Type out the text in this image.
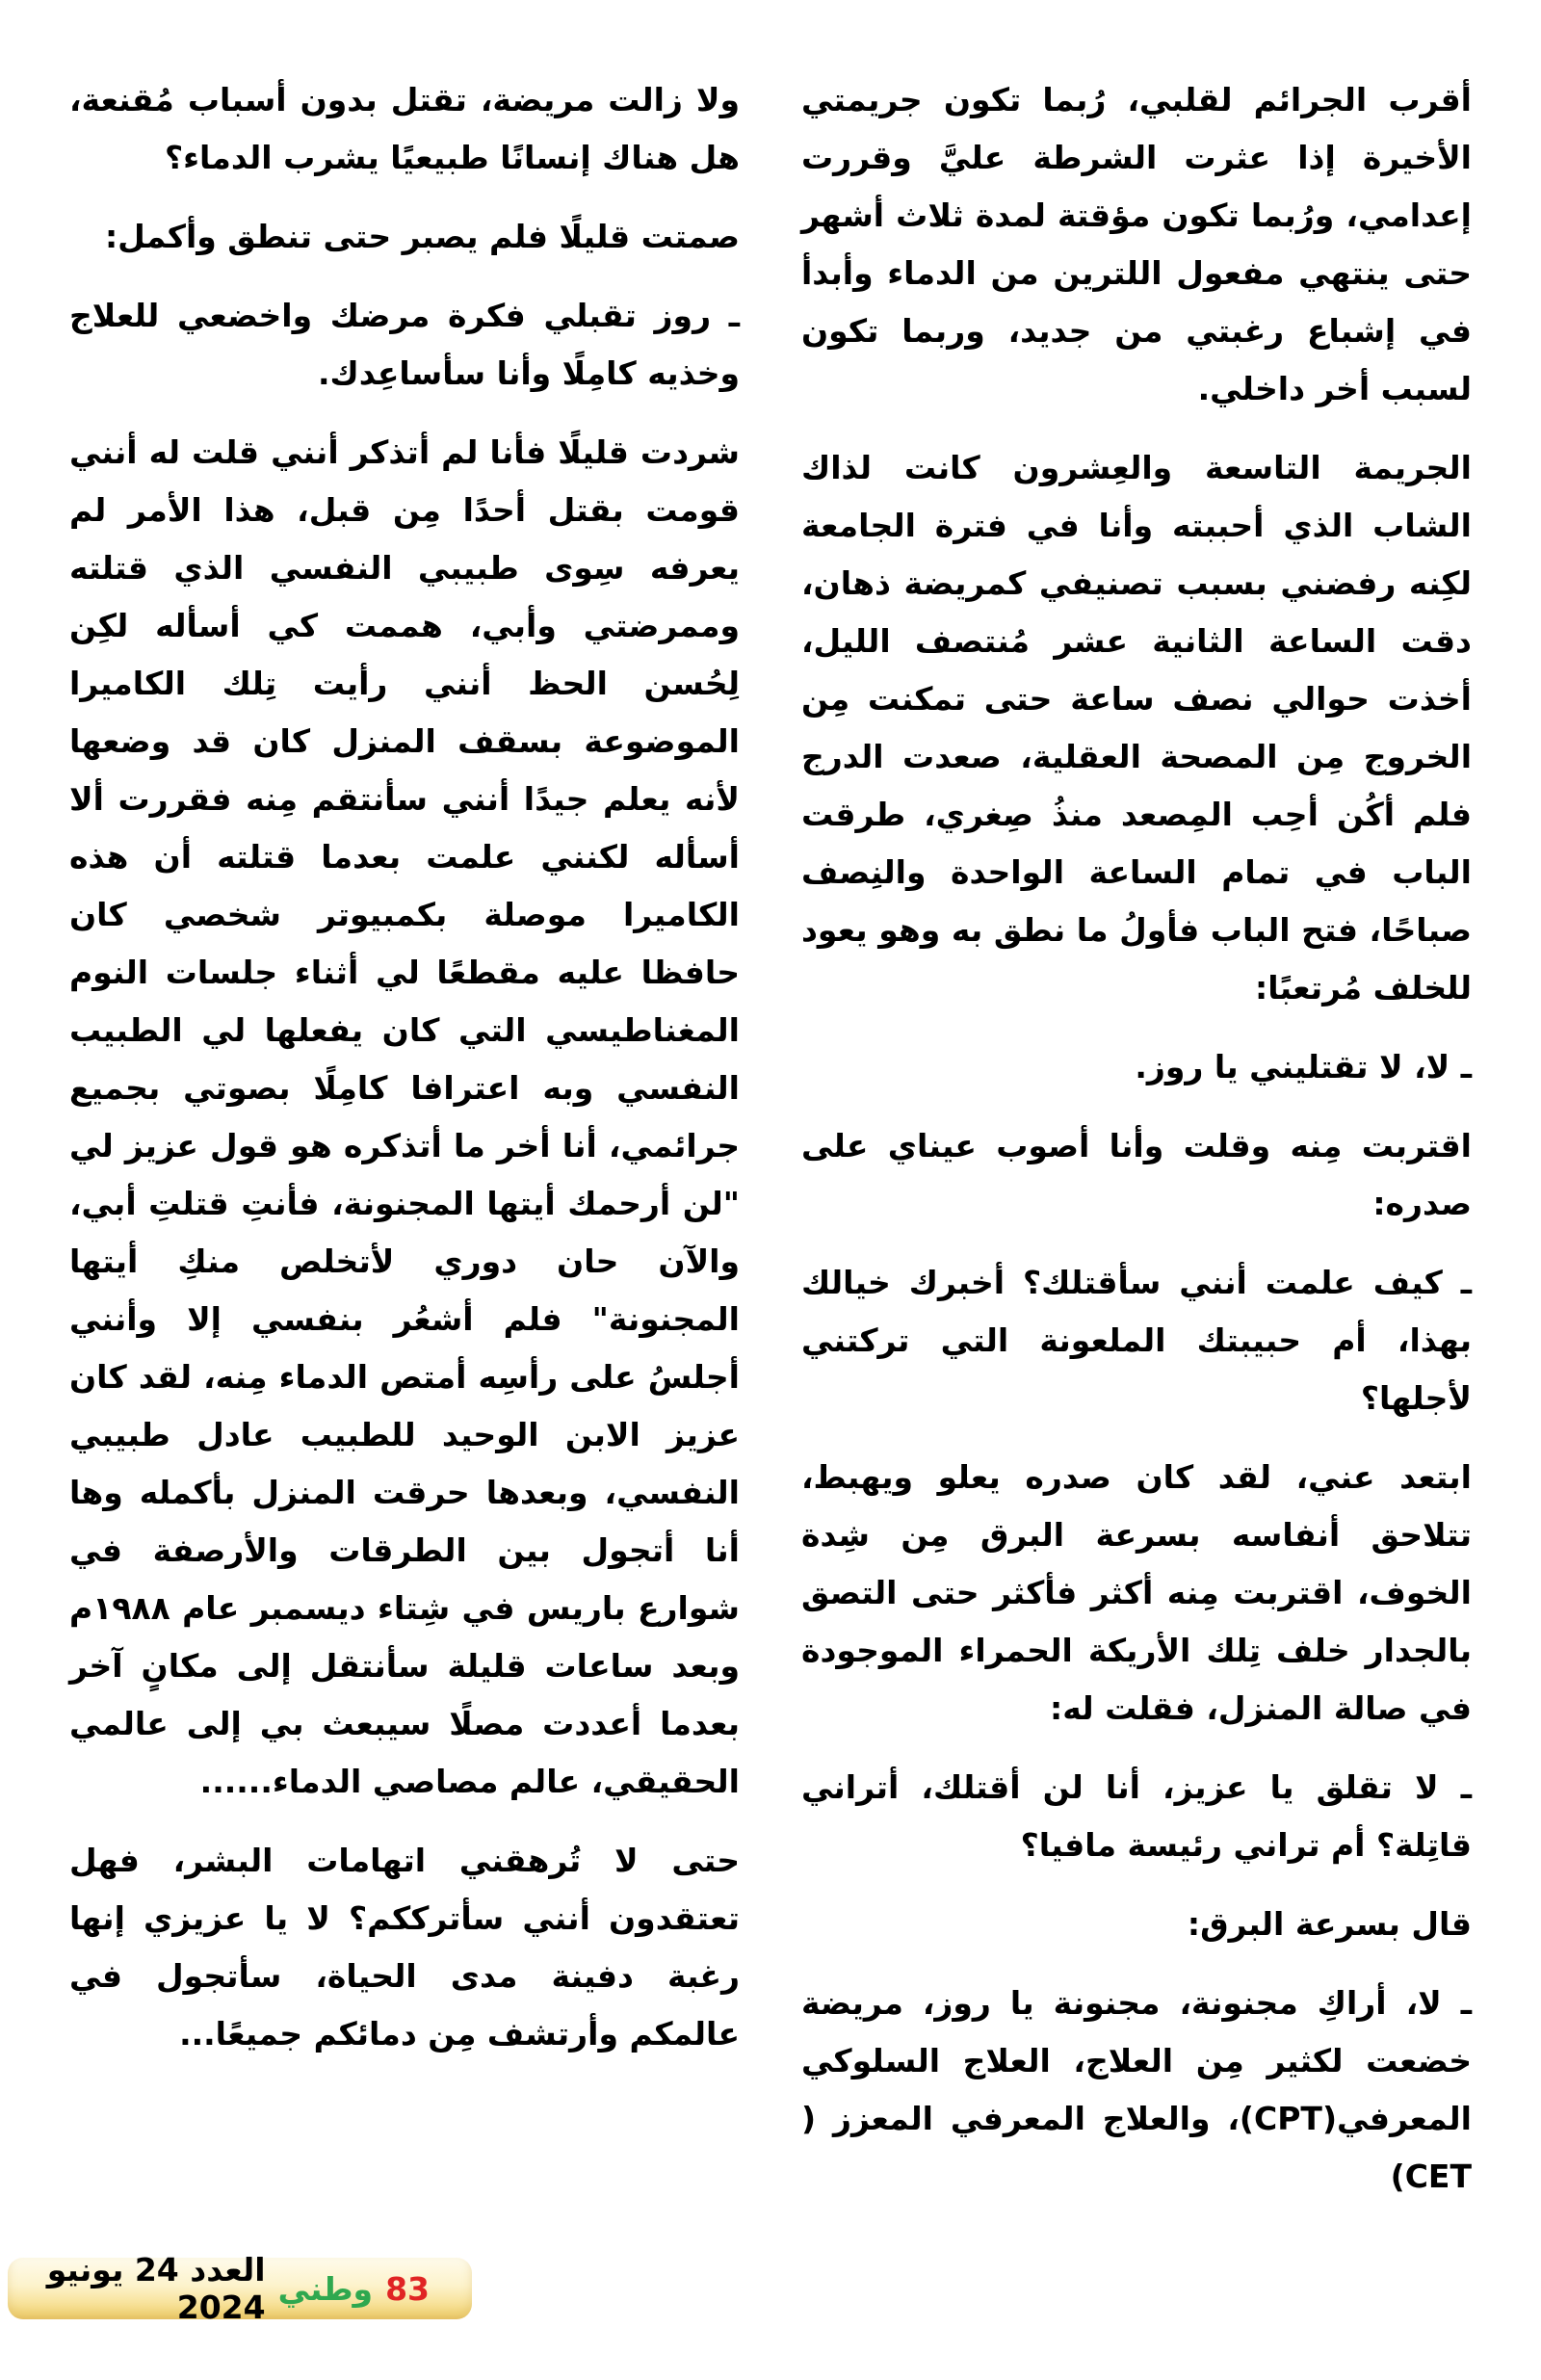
أقرب الجرائم لقلبي، رُبما تكون جريمتي الأخيرة إذا عثرت الشرطة عليَّ وقررت إعدامي، ورُبما تكون مؤقتة لمدة ثلاث أشهر حتى ينتهي مفعول اللترين من الدماء وأبدأ في إشباع رغبتي من جديد، وربما تكون لسبب أخر داخلي.

الجريمة التاسعة والعِشرون كانت لذاك الشاب الذي أحببته وأنا في فترة الجامعة لكِنه رفضني بسبب تصنيفي كمريضة ذهان، دقت الساعة الثانية عشر مُنتصف الليل، أخذت حوالي نصف ساعة حتى تمكنت مِن الخروج مِن المصحة العقلية، صعدت الدرج فلم أكُن أحِب المِصعد منذُ صِغري، طرقت الباب في تمام الساعة الواحدة والنِصف صباحًا، فتح الباب فأولُ ما نطق به وهو يعود للخلف مُرتعبًا:

ـ لا، لا تقتليني يا روز.

اقتربت مِنه وقلت وأنا أصوب عيناي على صدره:

ـ كيف علمت أنني سأقتلك؟ أخبرك خيالك بهذا، أم حبيبتك الملعونة التي تركتني لأجلها؟

ابتعد عني، لقد كان صدره يعلو ويهبط، تتلاحق أنفاسه بسرعة البرق مِن شِدة الخوف، اقتربت مِنه أكثر فأكثر حتى التصق بالجدار خلف تِلك الأريكة الحمراء الموجودة في صالة المنزل، فقلت له:

ـ لا تقلق يا عزيز، أنا لن أقتلك، أتراني قاتِلة؟ أم تراني رئيسة مافيا؟

قال بسرعة البرق:

ـ لا، أراكِ مجنونة، مجنونة يا روز، مريضة خضعت لكثير مِن العلاج، العلاج السلوكي المعرفي(CPT)، والعلاج المعرفي المعزز ( CET)

ولا زالت مريضة، تقتل بدون أسباب مُقنعة، هل هناك إنسانًا طبيعيًا يشرب الدماء؟

صمتت قليلًا فلم يصبر حتى تنطق وأكمل:

ـ روز تقبلي فكرة مرضك واخضعي للعلاج وخذيه كامِلًا وأنا سأساعِدك.

شردت قليلًا فأنا لم أتذكر أنني قلت له أنني قومت بقتل أحدًا مِن قبل، هذا الأمر لم يعرفه سِوى طبيبي النفسي الذي قتلته وممرضتي وأبي، هممت كي أسأله لكِن لِحُسن الحظ أنني رأيت تِلك الكاميرا الموضوعة بسقف المنزل كان قد وضعها لأنه يعلم جيدًا أنني سأنتقم مِنه فقررت ألا أسأله لكنني علمت بعدما قتلته أن هذه الكاميرا موصلة بكمبيوتر شخصي كان حافظا عليه مقطعًا لي أثناء جلسات النوم المغناطيسي التي كان يفعلها لي الطبيب النفسي وبه اعترافا كامِلًا بصوتي بجميع جرائمي، أنا أخر ما أتذكره هو قول عزيز لي "لن أرحمك أيتها المجنونة، فأنتِ قتلتِ أبي، والآن حان دوري لأتخلص منكِ أيتها المجنونة" فلم أشعُر بنفسي إلا وأنني أجلسُ على رأسِه أمتص الدماء مِنه، لقد كان عزيز الابن الوحيد للطبيب عادل طبيبي النفسي، وبعدها حرقت المنزل بأكمله وها أنا أتجول بين الطرقات والأرصفة في شوارع باريس في شِتاء ديسمبر عام ١٩٨٨م وبعد ساعات قليلة سأنتقل إلى مكانٍ آخر بعدما أعددت مصلًا سيبعث بي إلى عالمي الحقيقي، عالم مصاصي الدماء......

حتى لا تُرهقني اتهامات البشر، فهل تعتقدون أنني سأترككم؟ لا يا عزيزي إنها رغبة دفينة مدى الحياة، سأتجول في عالمكم وأرتشف مِن دمائكم جميعًا...

83
وطني
العدد 24 يونيو 2024
